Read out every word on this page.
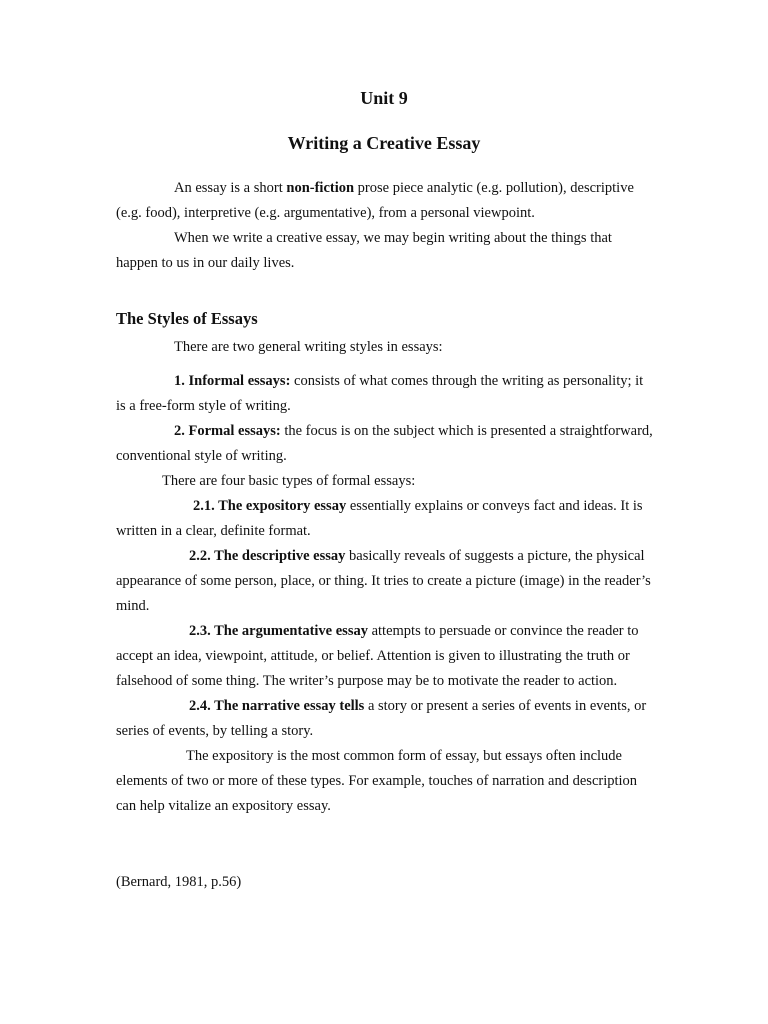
Unit 9
Writing a Creative Essay

An essay is a short non-fiction prose piece analytic (e.g. pollution), descriptive (e.g. food), interpretive (e.g. argumentative), from a personal viewpoint.

When we write a creative essay, we may begin writing about the things that happen to us in our daily lives.

The Styles of Essays

There are two general writing styles in essays:

1. Informal essays: consists of what comes through the writing as personality; it is a free-form style of writing.

2. Formal essays: the focus is on the subject which is presented a straightforward, conventional style of writing.

There are four basic types of formal essays:

2.1. The expository essay essentially explains or conveys fact and ideas. It is written in a clear, definite format.

2.2. The descriptive essay basically reveals of suggests a picture, the physical appearance of some person, place, or thing. It tries to create a picture (image) in the reader’s mind.

2.3. The argumentative essay attempts to persuade or convince the reader to accept an idea, viewpoint, attitude, or belief. Attention is given to illustrating the truth or falsehood of some thing. The writer’s purpose may be to motivate the reader to action.

2.4. The narrative essay tells a story or present a series of events in events, or series of events, by telling a story.

The expository is the most common form of essay, but essays often include elements of two or more of these types. For example, touches of narration and description can help vitalize an expository essay.

(Bernard, 1981, p.56)
